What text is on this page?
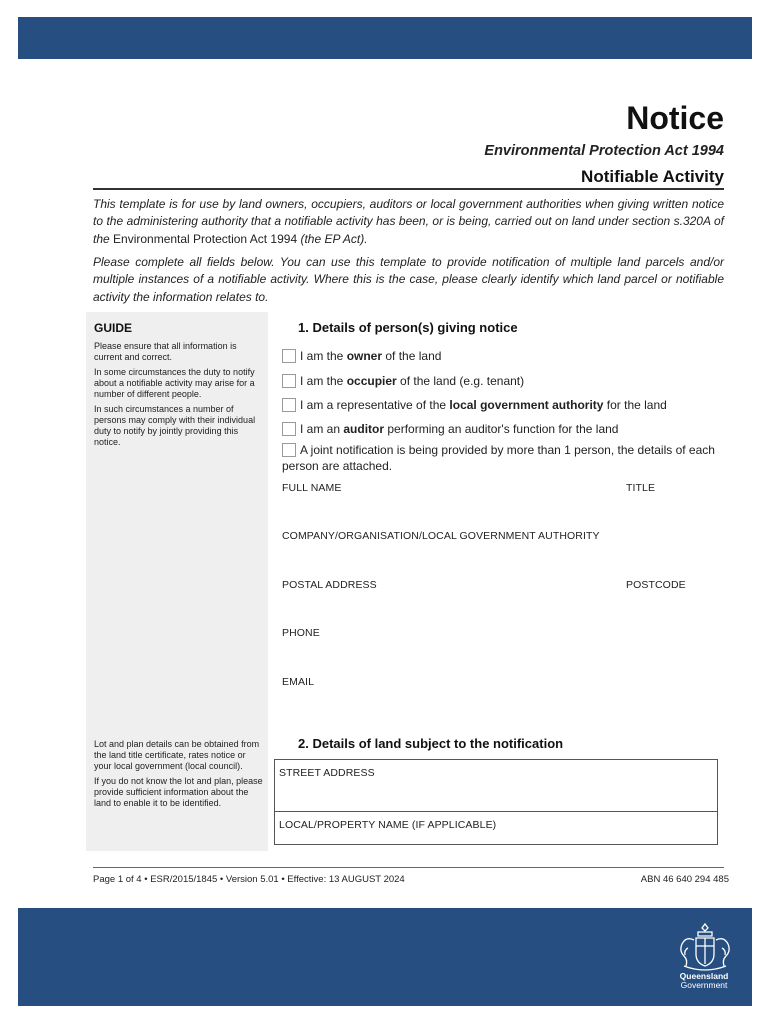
Notice
Environmental Protection Act 1994
Notifiable Activity

This template is for use by land owners, occupiers, auditors or local government authorities when giving written notice to the administering authority that a notifiable activity has been, or is being, carried out on land under section s.320A of the Environmental Protection Act 1994 (the EP Act).

Please complete all fields below. You can use this template to provide notification of multiple land parcels and/or multiple instances of a notifiable activity. Where this is the case, please clearly identify which land parcel or notifiable activity the information relates to.

GUIDE

Please ensure that all information is current and correct.

In some circumstances the duty to notify about a notifiable activity may arise for a number of different people.

In such circumstances a number of persons may comply with their individual duty to notify by jointly providing this notice.

Lot and plan details can be obtained from the land title certificate, rates notice or your local government (local council).

If you do not know the lot and plan, please provide sufficient information about the land to enable it to be identified.

1. Details of person(s) giving notice
I am the owner of the land
I am the occupier of the land (e.g. tenant)
I am a representative of the local government authority for the land
I am an auditor performing an auditor's function for the land
A joint notification is being provided by more than 1 person, the details of each person are attached.
FULL NAME	TITLE
COMPANY/ORGANISATION/LOCAL GOVERNMENT AUTHORITY
POSTAL ADDRESS	POSTCODE
PHONE
EMAIL
2. Details of land subject to the notification
STREET ADDRESS
LOCAL/PROPERTY NAME (IF APPLICABLE)
Page 1 of 4 • ESR/2015/1845 • Version 5.01 • Effective: 13 AUGUST 2024	ABN 46 640 294 485
Queensland
Government
